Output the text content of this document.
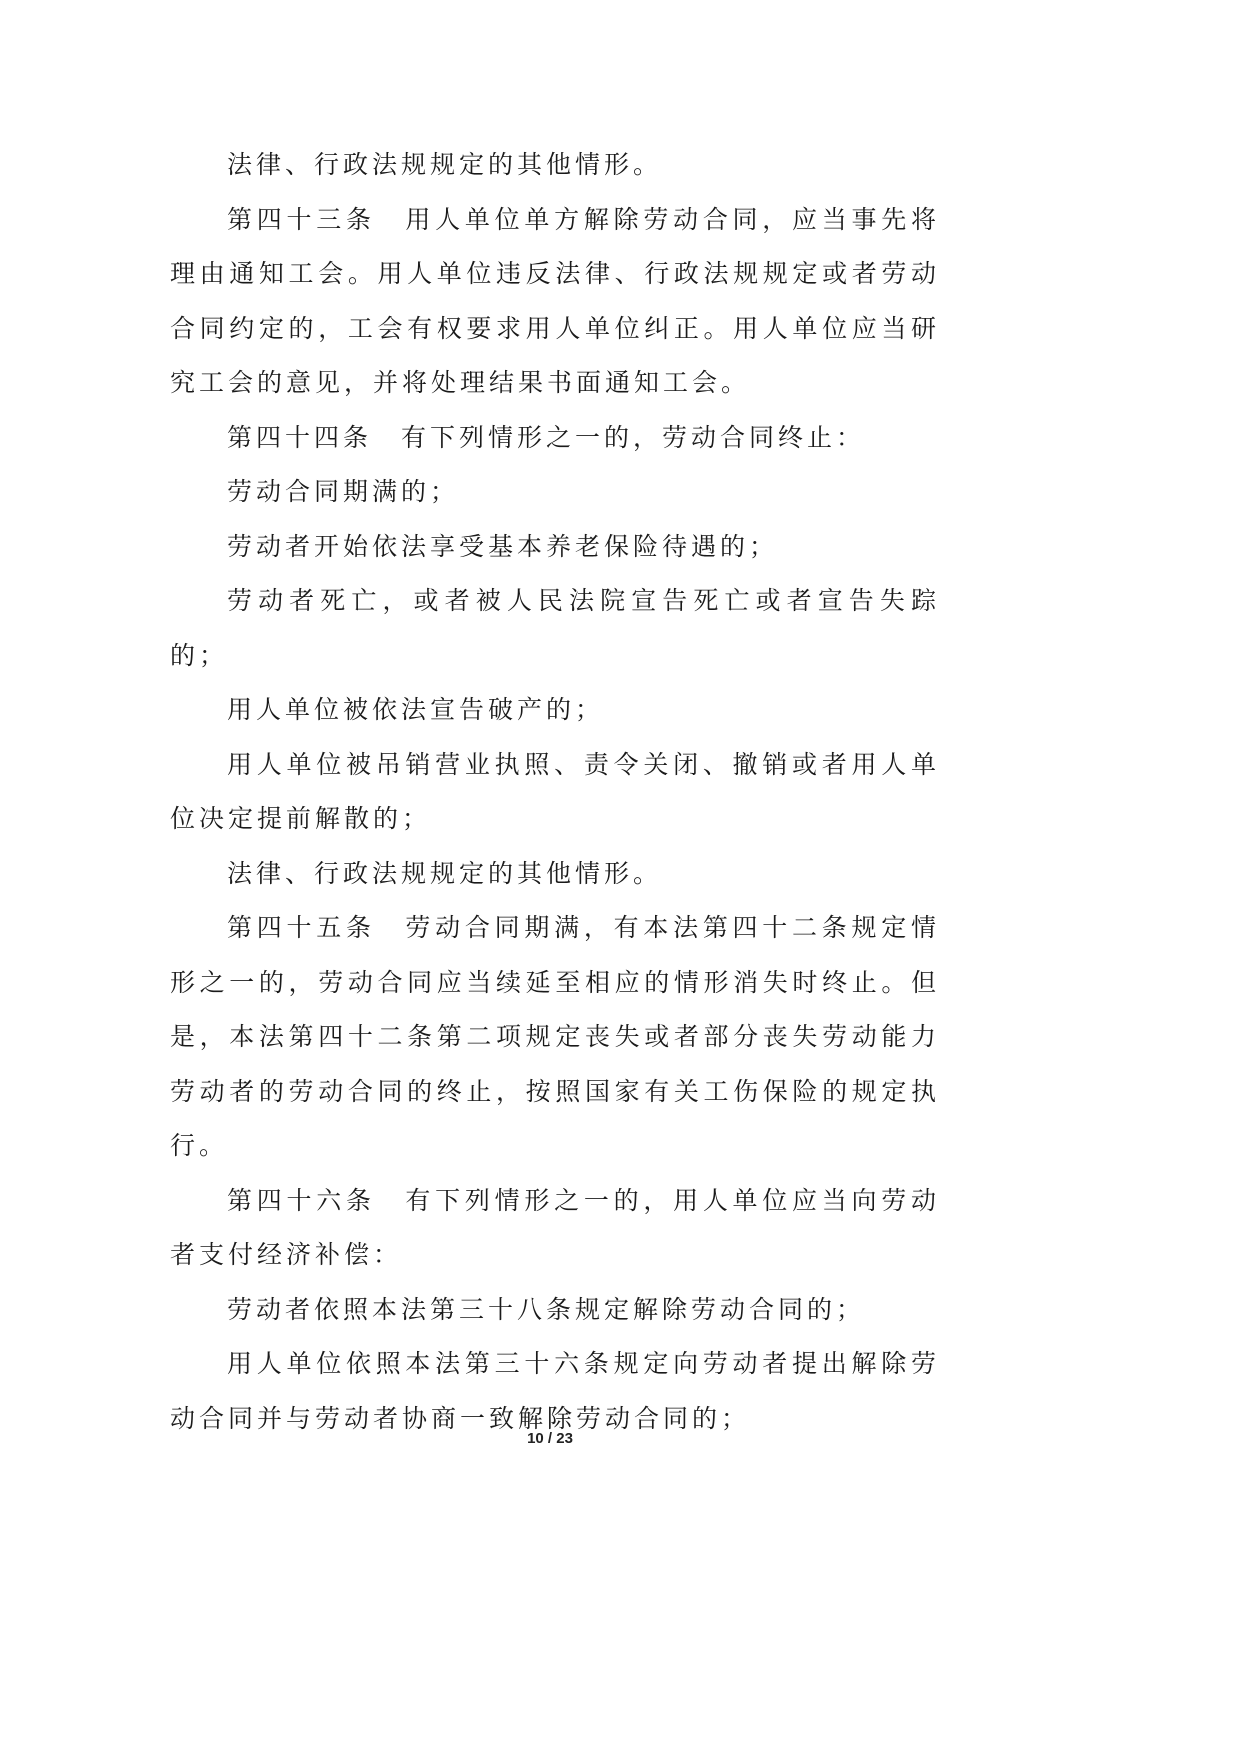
法律、行政法规规定的其他情形。

第四十三条　用人单位单方解除劳动合同，应当事先将理由通知工会。用人单位违反法律、行政法规规定或者劳动合同约定的，工会有权要求用人单位纠正。用人单位应当研究工会的意见，并将处理结果书面通知工会。

第四十四条　有下列情形之一的，劳动合同终止：

劳动合同期满的；

劳动者开始依法享受基本养老保险待遇的；

劳动者死亡，或者被人民法院宣告死亡或者宣告失踪的；

用人单位被依法宣告破产的；

用人单位被吊销营业执照、责令关闭、撤销或者用人单位决定提前解散的；

法律、行政法规规定的其他情形。

第四十五条　劳动合同期满，有本法第四十二条规定情形之一的，劳动合同应当续延至相应的情形消失时终止。但是，本法第四十二条第二项规定丧失或者部分丧失劳动能力劳动者的劳动合同的终止，按照国家有关工伤保险的规定执行。

第四十六条　有下列情形之一的，用人单位应当向劳动者支付经济补偿：

劳动者依照本法第三十八条规定解除劳动合同的；

用人单位依照本法第三十六条规定向劳动者提出解除劳动合同并与劳动者协商一致解除劳动合同的；

10 / 23
